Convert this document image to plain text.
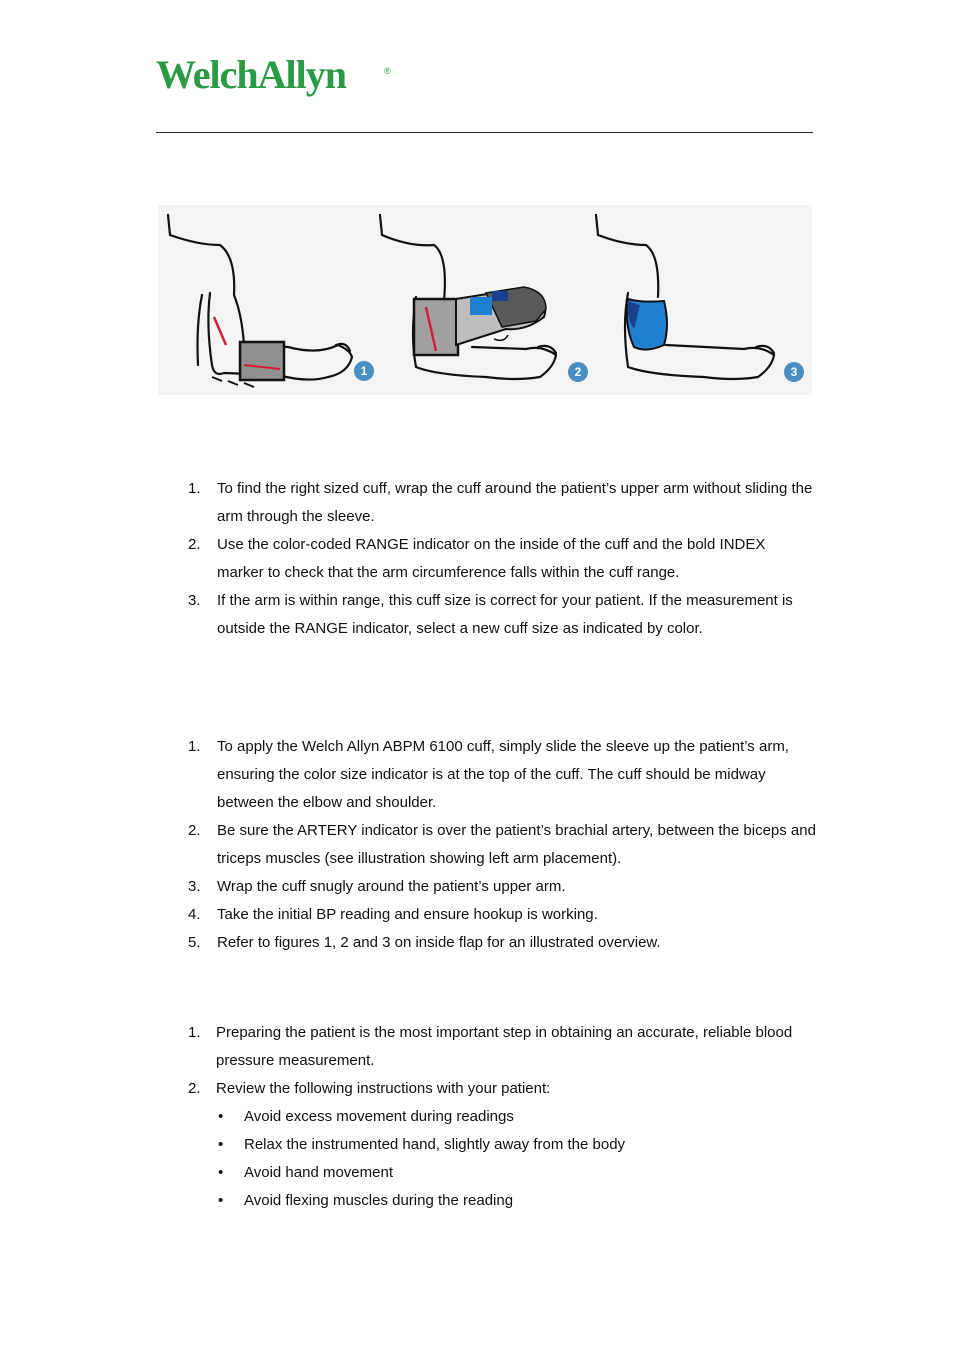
WelchAllyn	®
1	2	3
1. To find the right sized cuff, wrap the cuff around the patient’s upper arm without sliding the arm through the sleeve.
2. Use the color-coded RANGE indicator on the inside of the cuff and the bold INDEX marker to check that the arm circumference falls within the cuff range.
3. If the arm is within range, this cuff size is correct for your patient. If the measurement is outside the RANGE indicator, select a new cuff size as indicated by color.
1. To apply the Welch Allyn ABPM 6100 cuff, simply slide the sleeve up the patient’s arm, ensuring the color size indicator is at the top of the cuff. The cuff should be midway between the elbow and shoulder.
2. Be sure the ARTERY indicator is over the patient’s brachial artery, between the biceps and triceps muscles (see illustration showing left arm placement).
3. Wrap the cuff snugly around the patient’s upper arm.
4. Take the initial BP reading and ensure hookup is working.
5. Refer to figures 1, 2 and 3 on inside flap for an illustrated overview.
1. Preparing the patient is the most important step in obtaining an accurate, reliable blood pressure measurement.
2. Review the following instructions with your patient:
• Avoid excess movement during readings
• Relax the instrumented hand, slightly away from the body
• Avoid hand movement
• Avoid flexing muscles during the reading
